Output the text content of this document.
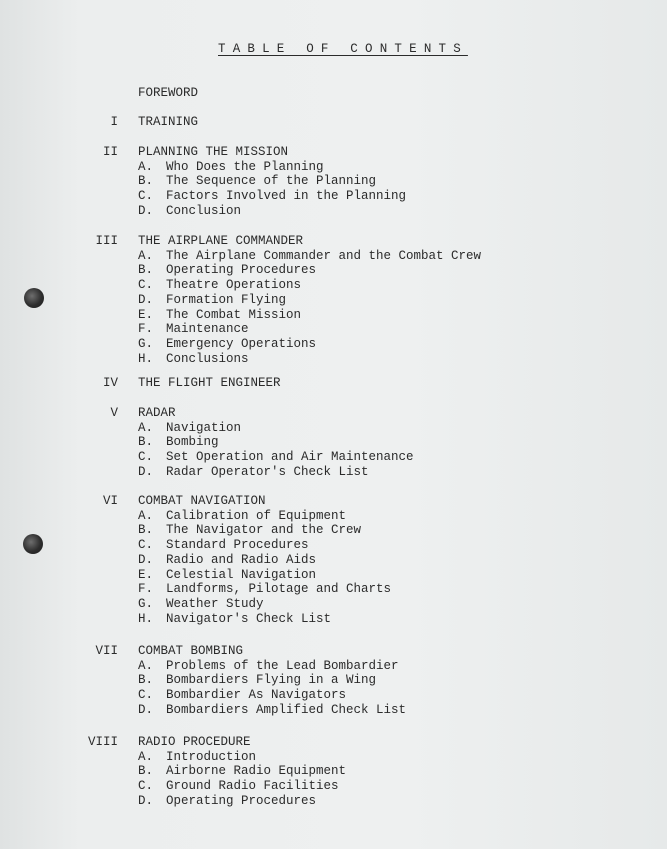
TABLE OF CONTENTS
FOREWORD
I TRAINING
II PLANNING THE MISSION
A. Who Does the Planning
B. The Sequence of the Planning
C. Factors Involved in the Planning
D. Conclusion
III THE AIRPLANE COMMANDER
A. The Airplane Commander and the Combat Crew
B. Operating Procedures
C. Theatre Operations
D. Formation Flying
E. The Combat Mission
F. Maintenance
G. Emergency Operations
H. Conclusions
IV THE FLIGHT ENGINEER
V RADAR
A. Navigation
B. Bombing
C. Set Operation and Air Maintenance
D. Radar Operator's Check List
VI COMBAT NAVIGATION
A. Calibration of Equipment
B. The Navigator and the Crew
C. Standard Procedures
D. Radio and Radio Aids
E. Celestial Navigation
F. Landforms, Pilotage and Charts
G. Weather Study
H. Navigator's Check List
VII COMBAT BOMBING
A. Problems of the Lead Bombardier
B. Bombardiers Flying in a Wing
C. Bombardier As Navigators
D. Bombardiers Amplified Check List
VIII RADIO PROCEDURE
A. Introduction
B. Airborne Radio Equipment
C. Ground Radio Facilities
D. Operating Procedures
